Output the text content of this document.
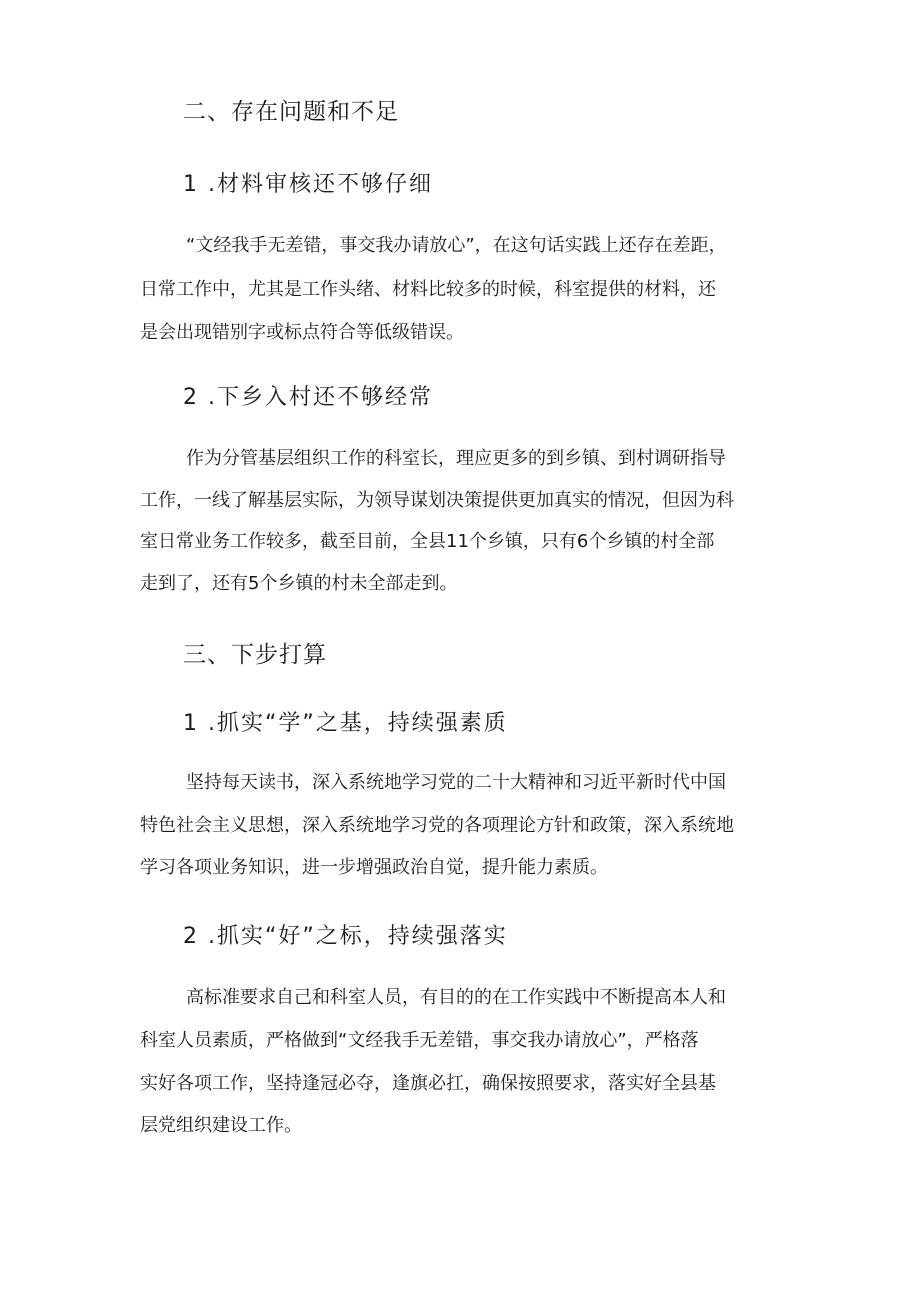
二、存在问题和不足
1 .材料审核还不够仔细
“文经我手无差错，事交我办请放心”，在这句话实践上还存在差距，
日常工作中，尤其是工作头绪、材料比较多的时候，科室提供的材料，还
是会出现错别字或标点符合等低级错误。
2 .下乡入村还不够经常
作为分管基层组织工作的科室长，理应更多的到乡镇、到村调研指导
工作，一线了解基层实际，为领导谋划决策提供更加真实的情况，但因为科
室日常业务工作较多，截至目前，全县11个乡镇，只有6个乡镇的村全部
走到了，还有5个乡镇的村未全部走到。
三、下步打算
1 .抓实“学”之基，持续强素质
坚持每天读书，深入系统地学习党的二十大精神和习近平新时代中国
特色社会主义思想，深入系统地学习党的各项理论方针和政策，深入系统地
学习各项业务知识，进一步增强政治自觉，提升能力素质。
2 .抓实“好”之标，持续强落实
高标准要求自己和科室人员，有目的的在工作实践中不断提高本人和
科室人员素质，严格做到“文经我手无差错，事交我办请放心”，严格落
实好各项工作，坚持逢冠必夺，逢旗必扛，确保按照要求，落实好全县基
层党组织建设工作。
